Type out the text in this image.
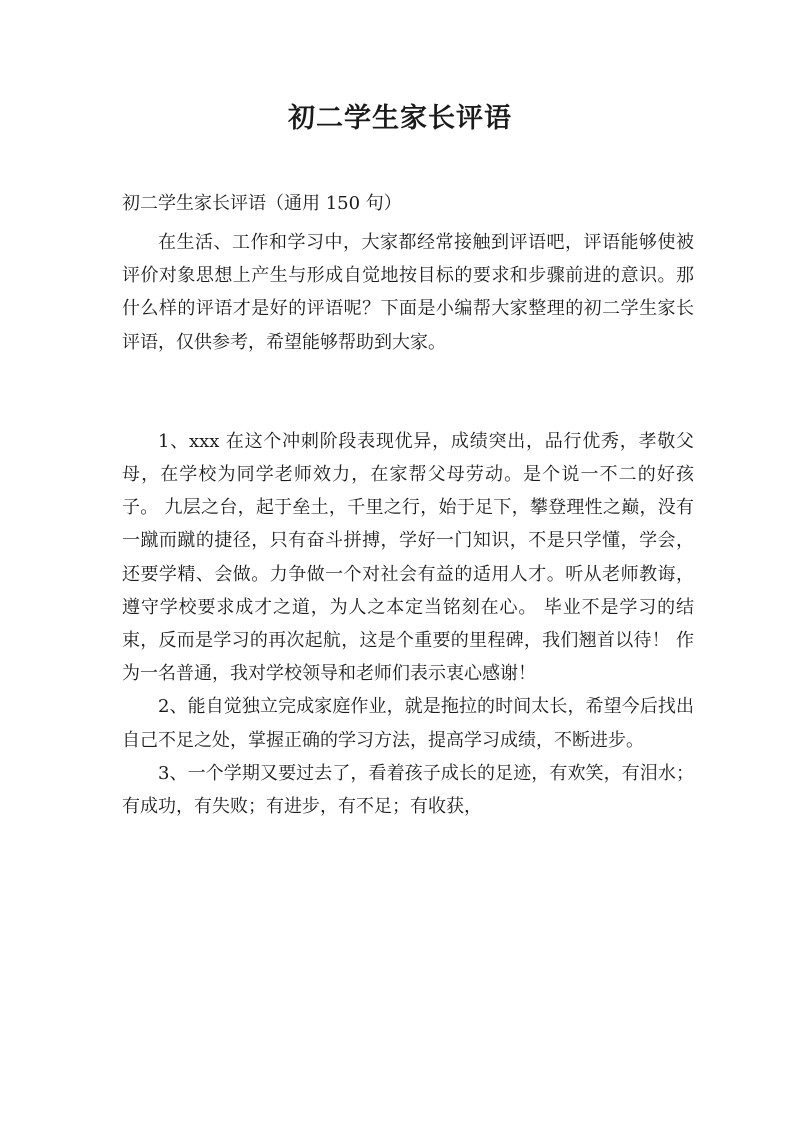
初二学生家长评语

初二学生家长评语（通用 150 句）

在生活、工作和学习中，大家都经常接触到评语吧，评语能够使被评价对象思想上产生与形成自觉地按目标的要求和步骤前进的意识。那什么样的评语才是好的评语呢？下面是小编帮大家整理的初二学生家长评语，仅供参考，希望能够帮助到大家。

1、xxx 在这个冲刺阶段表现优异，成绩突出，品行优秀，孝敬父母，在学校为同学老师效力，在家帮父母劳动。是个说一不二的好孩子。 九层之台，起于垒土，千里之行，始于足下，攀登理性之巅，没有一蹴而蹴的捷径，只有奋斗拼搏，学好一门知识，不是只学懂，学会，还要学精、会做。力争做一个对社会有益的适用人才。听从老师教诲，遵守学校要求成才之道，为人之本定当铭刻在心。 毕业不是学习的结束，反而是学习的再次起航，这是个重要的里程碑，我们翘首以待！ 作为一名普通，我对学校领导和老师们表示衷心感谢！

2、能自觉独立完成家庭作业，就是拖拉的时间太长，希望今后找出自己不足之处，掌握正确的学习方法，提高学习成绩，不断进步。

3、一个学期又要过去了，看着孩子成长的足迹，有欢笑，有泪水；有成功，有失败；有进步，有不足；有收获，
